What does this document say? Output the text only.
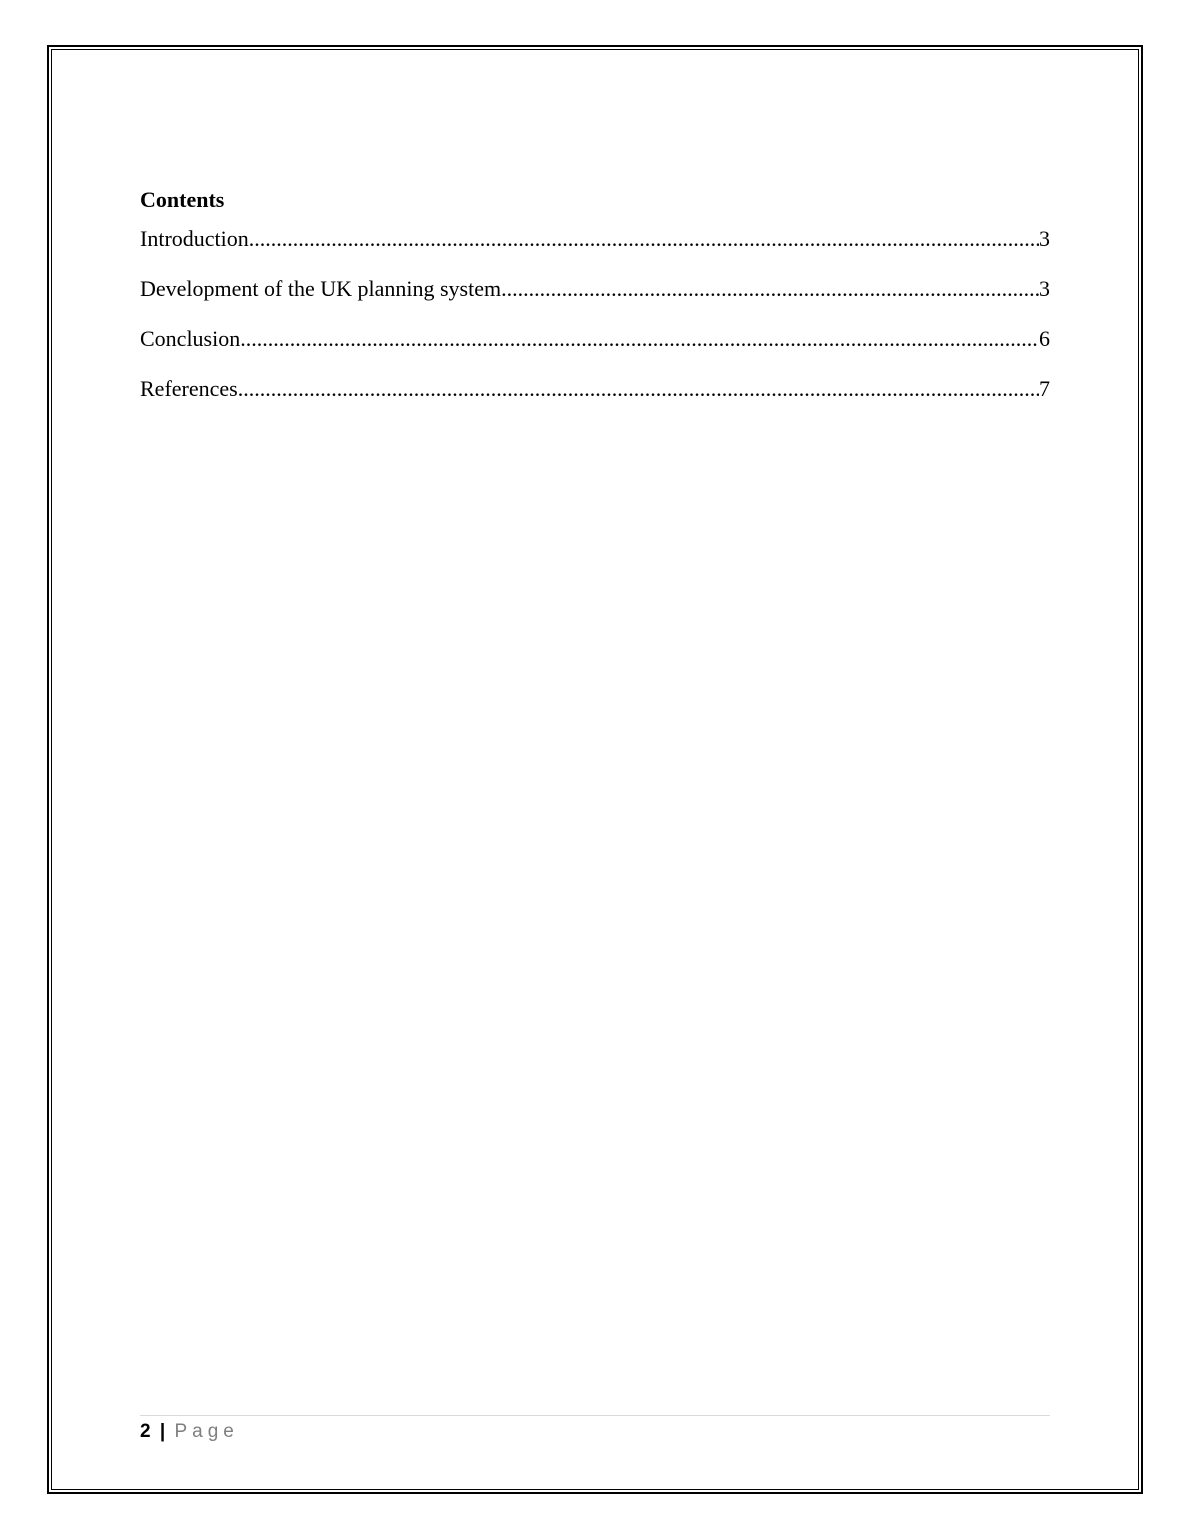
Contents
Introduction .....	3
Development of the UK planning system .....	3
Conclusion .....	6
References .....	7
2 | Page
